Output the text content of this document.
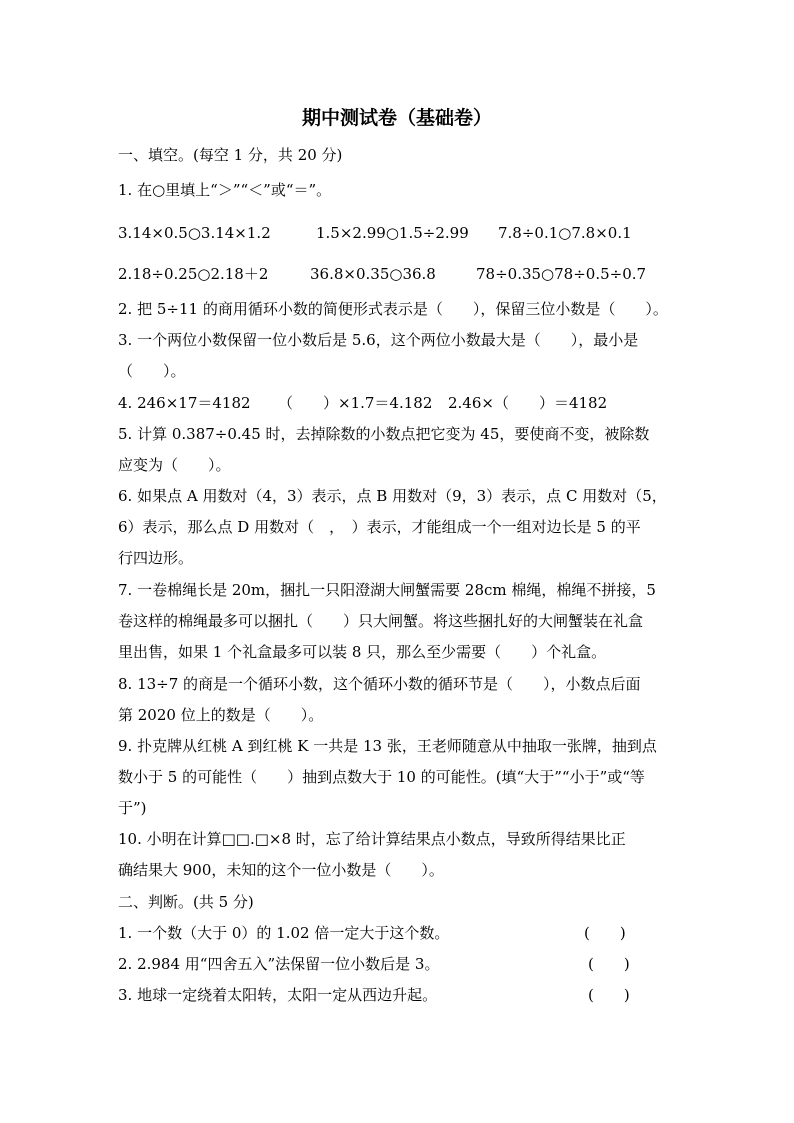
期中测试卷（基础卷）
一、填空。(每空 1 分，共 20 分)
1. 在○里填上“＞”“＜”或“＝”。
3.14×0.5○3.14×1.2	1.5×2.99○1.5÷2.99 7.8÷0.1○7.8×0.1
2.18÷0.25○2.18＋2	36.8×0.35○36.8	78÷0.35○78÷0.5÷0.7
2. 把 5÷11 的商用循环小数的简便形式表示是（　　），保留三位小数是（　　）。
3. 一个两位小数保留一位小数后是 5.6，这个两位小数最大是（　　），最小是
（　　）。
4. 246×17＝4182 （　　）×1.7＝4.182 2.46×（　　）＝4182
5. 计算 0.387÷0.45 时，去掉除数的小数点把它变为 45，要使商不变，被除数
应变为（　　）。
6. 如果点 A 用数对（4，3）表示，点 B 用数对（9，3）表示，点 C 用数对（5，
6）表示，那么点 D 用数对（　，　）表示，才能组成一个一组对边长是 5 的平
行四边形。
7. 一卷棉绳长是 20m，捆扎一只阳澄湖大闸蟹需要 28cm 棉绳，棉绳不拼接，5
卷这样的棉绳最多可以捆扎（　　）只大闸蟹。将这些捆扎好的大闸蟹装在礼盒
里出售，如果 1 个礼盒最多可以装 8 只，那么至少需要（　　）个礼盒。
8. 13÷7 的商是一个循环小数，这个循环小数的循环节是（　　），小数点后面
第 2020 位上的数是（　　）。
9. 扑克牌从红桃 A 到红桃 K 一共是 13 张，王老师随意从中抽取一张牌，抽到点
数小于 5 的可能性（　　）抽到点数大于 10 的可能性。(填“大于”“小于”或“等
于”)
10. 小明在计算□□.□×8 时，忘了给计算结果点小数点，导致所得结果比正
确结果大 900，未知的这个一位小数是（　　）。
二、判断。(共 5 分)
1. 一个数（大于 0）的 1.02 倍一定大于这个数。	(　　)
2. 2.984 用“四舍五入”法保留一位小数后是 3。	(　　)
3. 地球一定绕着太阳转，太阳一定从西边升起。	(　　)
